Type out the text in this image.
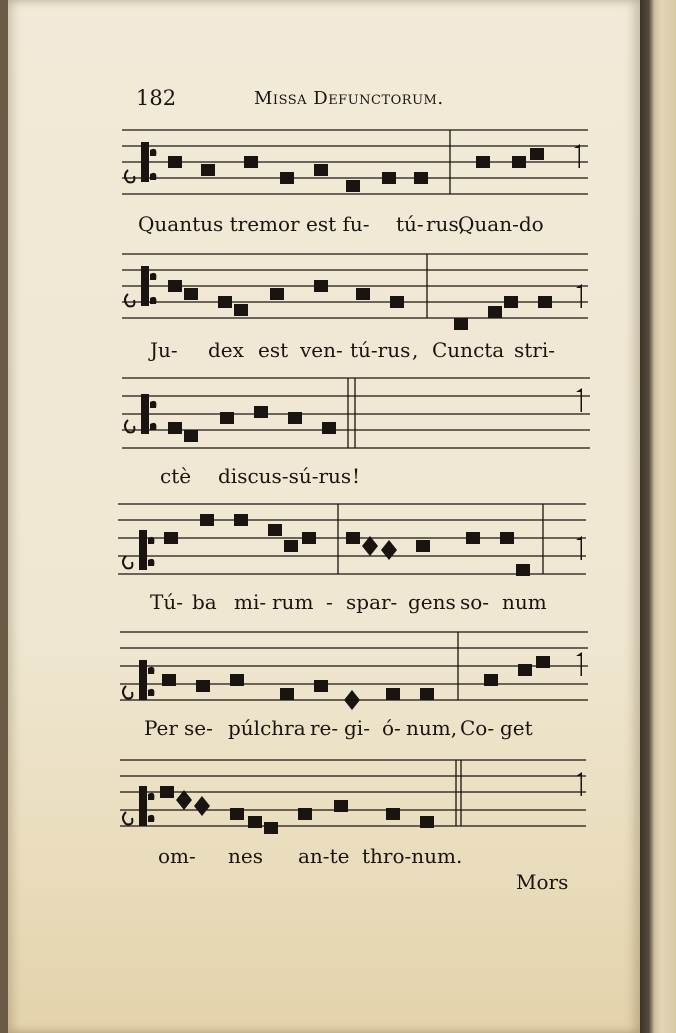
182	Missa Defunctorum.
Quantus tremor est fu- tú- rus,
Quan-do
Ju- dex est ven- tú-rus , Cuncta stri-
ctè discus-sú-rus !
Tú- ba mi- rum - spar- gens so- num
Per se- púlchra re- gi- ó- num, Co- get
om- nes an-te thro-num.
Mors
